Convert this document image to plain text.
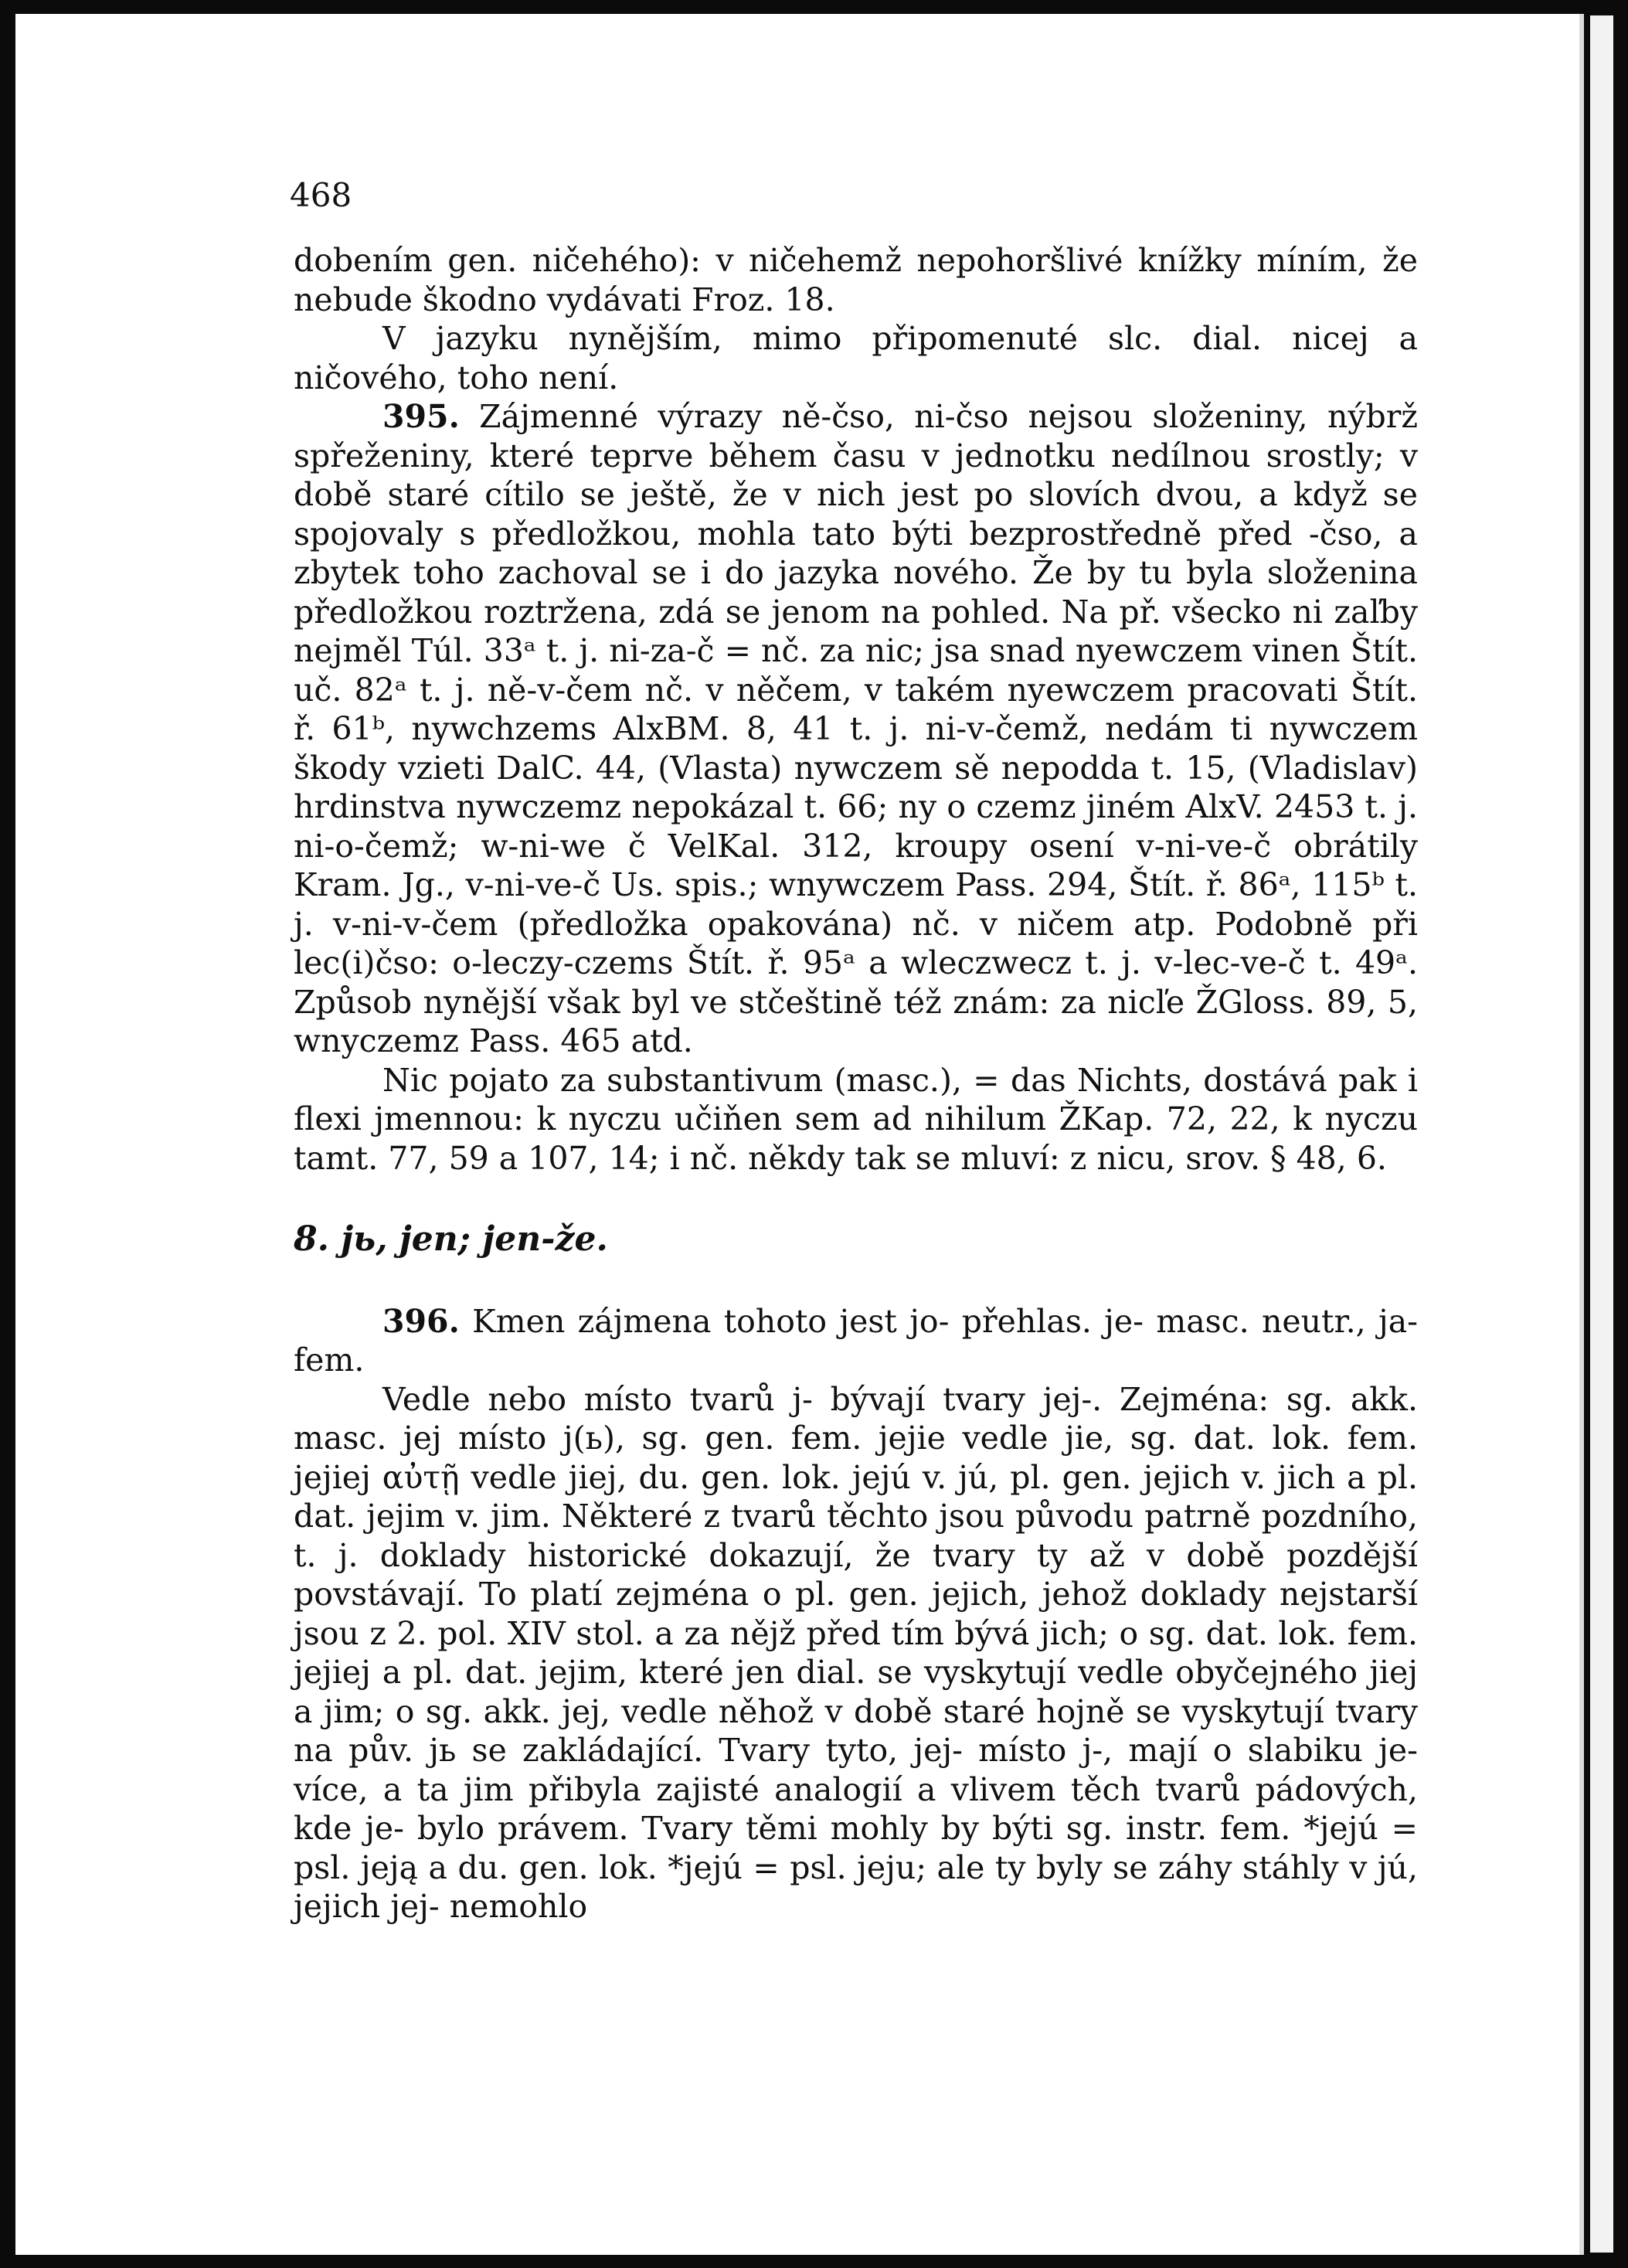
468

dobením gen. ničehého): v ničehemž nepohoršlivé knížky míním, že nebude škodno vydávati Froz. 18.

V jazyku nynějším, mimo připomenuté slc. dial. nicej a ničového, toho není.

395. Zájmenné výrazy ně-čso, ni-čso nejsou složeniny, nýbrž spřeženiny, které teprve během času v jednotku nedílnou srostly; v době staré cítilo se ještě, že v nich jest po slovích dvou, a když se spojovaly s předložkou, mohla tato býti bezprostředně před -čso, a zbytek toho zachoval se i do jazyka nového. Že by tu byla složenina předložkou roztržena, zdá se jenom na pohled. Na př. všecko ni zaľby nejměl Túl. 33ᵃ t. j. ni-za-č = nč. za nic; jsa snad nyewczem vinen Štít. uč. 82ᵃ t. j. ně-v-čem nč. v něčem, v takém nyewczem pracovati Štít. ř. 61ᵇ, nywchzems AlxBM. 8, 41 t. j. ni-v-čemž, nedám ti nywczem škody vzieti DalC. 44, (Vlasta) nywczem sě nepodda t. 15, (Vladislav) hrdinstva nywczemz nepokázal t. 66; ny o czemz jiném AlxV. 2453 t. j. ni-o-čemž; w-ni-we č VelKal. 312, kroupy osení v-ni-ve-č obrátily Kram. Jg., v-ni-ve-č Us. spis.; wnywczem Pass. 294, Štít. ř. 86ᵃ, 115ᵇ t. j. v-ni-v-čem (předložka opakována) nč. v ničem atp. Podobně při lec(i)čso: o-leczy-czems Štít. ř. 95ᵃ a wleczwecz t. j. v-lec-ve-č t. 49ᵃ. Způsob nynější však byl ve stčeštině též znám: za nicľe ŽGloss. 89, 5, wnyczemz Pass. 465 atd.

Nic pojato za substantivum (masc.), = das Nichts, dostává pak i flexi jmennou: k nyczu učiňen sem ad nihilum ŽKap. 72, 22, k nyczu tamt. 77, 59 a 107, 14; i nč. někdy tak se mluví: z nicu, srov. § 48, 6.

8. jь, jen; jen-že.

396. Kmen zájmena tohoto jest jo- přehlas. je- masc. neutr., ja- fem.

Vedle nebo místo tvarů j- bývají tvary jej-. Zejména: sg. akk. masc. jej místo j(ь), sg. gen. fem. jejie vedle jie, sg. dat. lok. fem. jejiej αὐτῇ vedle jiej, du. gen. lok. jejú v. jú, pl. gen. jejich v. jich a pl. dat. jejim v. jim. Některé z tvarů těchto jsou původu patrně pozdního, t. j. doklady historické dokazují, že tvary ty až v době pozdější povstávají. To platí zejména o pl. gen. jejich, jehož doklady nejstarší jsou z 2. pol. XIV stol. a za nějž před tím bývá jich; o sg. dat. lok. fem. jejiej a pl. dat. jejim, které jen dial. se vyskytují vedle obyčejného jiej a jim; o sg. akk. jej, vedle něhož v době staré hojně se vyskytují tvary na pův. jь se zakládající. Tvary tyto, jej- místo j-, mají o slabiku je- více, a ta jim přibyla zajisté analogií a vlivem těch tvarů pádových, kde je- bylo právem. Tvary těmi mohly by býti sg. instr. fem. *jejú = psl. jeją a du. gen. lok. *jejú = psl. jeju; ale ty byly se záhy stáhly v jú, jejich jej- nemohlo
